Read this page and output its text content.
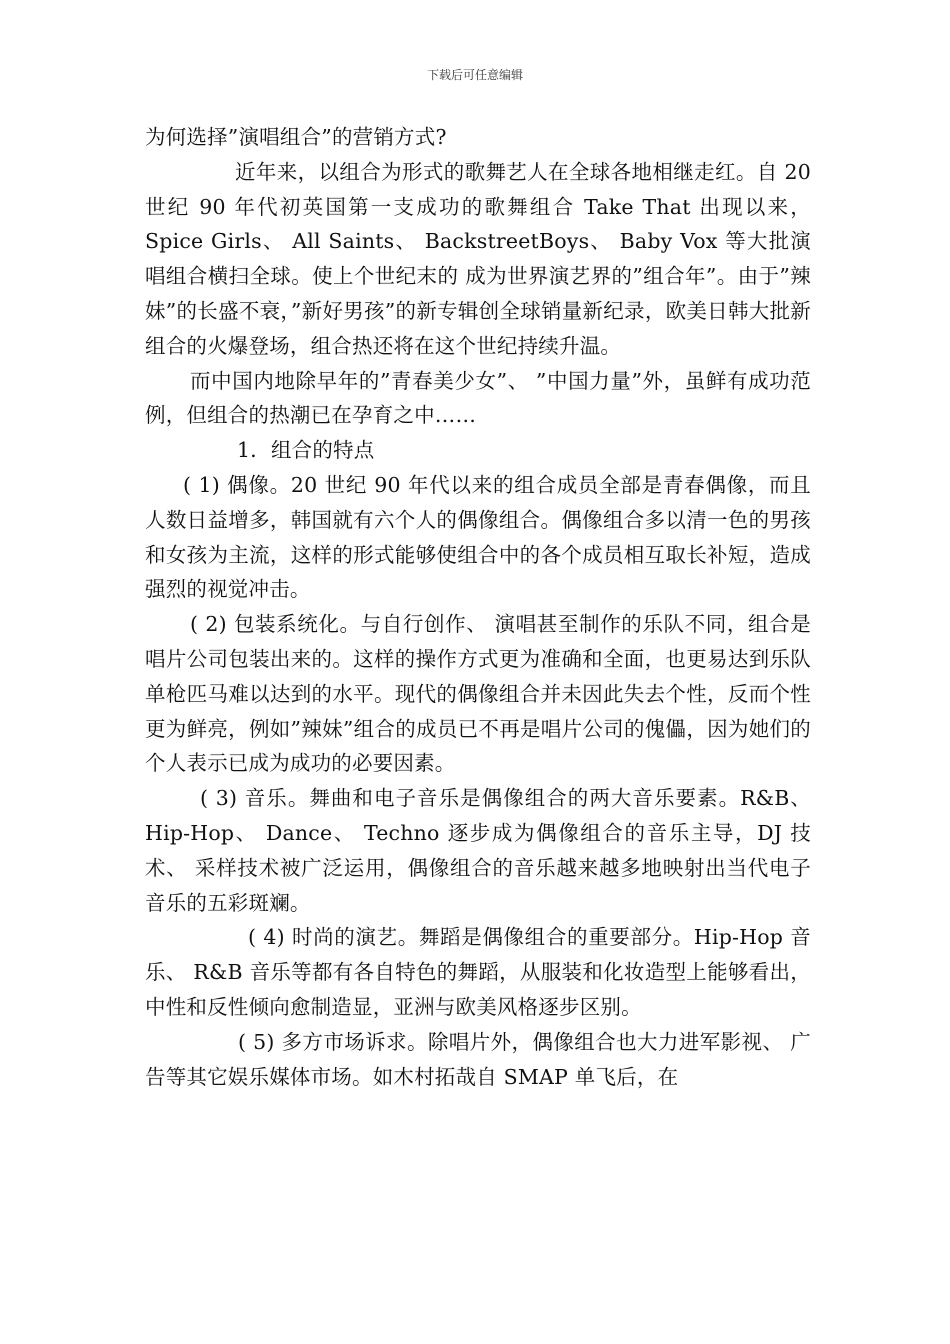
下载后可任意编辑

为何选择”演唱组合”的营销方式?

近年来，以组合为形式的歌舞艺人在全球各地相继走红。自 20 世纪 90 年代初英国第一支成功的歌舞组合 Take That 出现以来，Spice Girls、 All Saints、 BackstreetBoys、 Baby Vox 等大批演唱组合横扫全球。使上个世纪末的 成为世界演艺界的”组合年”。由于”辣妹”的长盛不衰，”新好男孩”的新专辑创全球销量新纪录，欧美日韩大批新组合的火爆登场，组合热还将在这个世纪持续升温。

而中国内地除早年的”青春美少女”、 ”中国力量”外，虽鲜有成功范例，但组合的热潮已在孕育之中……

1．组合的特点

( 1) 偶像。20 世纪 90 年代以来的组合成员全部是青春偶像，而且人数日益增多，韩国就有六个人的偶像组合。偶像组合多以清一色的男孩和女孩为主流，这样的形式能够使组合中的各个成员相互取长补短，造成强烈的视觉冲击。

( 2) 包装系统化。与自行创作、 演唱甚至制作的乐队不同，组合是唱片公司包装出来的。这样的操作方式更为准确和全面，也更易达到乐队单枪匹马难以达到的水平。现代的偶像组合并未因此失去个性，反而个性更为鲜亮，例如”辣妹”组合的成员已不再是唱片公司的傀儡，因为她们的个人表示已成为成功的必要因素。

( 3) 音乐。舞曲和电子音乐是偶像组合的两大音乐要素。R&B、 Hip-Hop、 Dance、 Techno 逐步成为偶像组合的音乐主导，DJ 技术、 采样技术被广泛运用，偶像组合的音乐越来越多地映射出当代电子音乐的五彩斑斓。

( 4) 时尚的演艺。舞蹈是偶像组合的重要部分。Hip-Hop 音乐、 R&B 音乐等都有各自特色的舞蹈，从服装和化妆造型上能够看出，中性和反性倾向愈制造显，亚洲与欧美风格逐步区别。

( 5) 多方市场诉求。除唱片外，偶像组合也大力进军影视、 广告等其它娱乐媒体市场。如木村拓哉自 SMAP 单飞后，在
